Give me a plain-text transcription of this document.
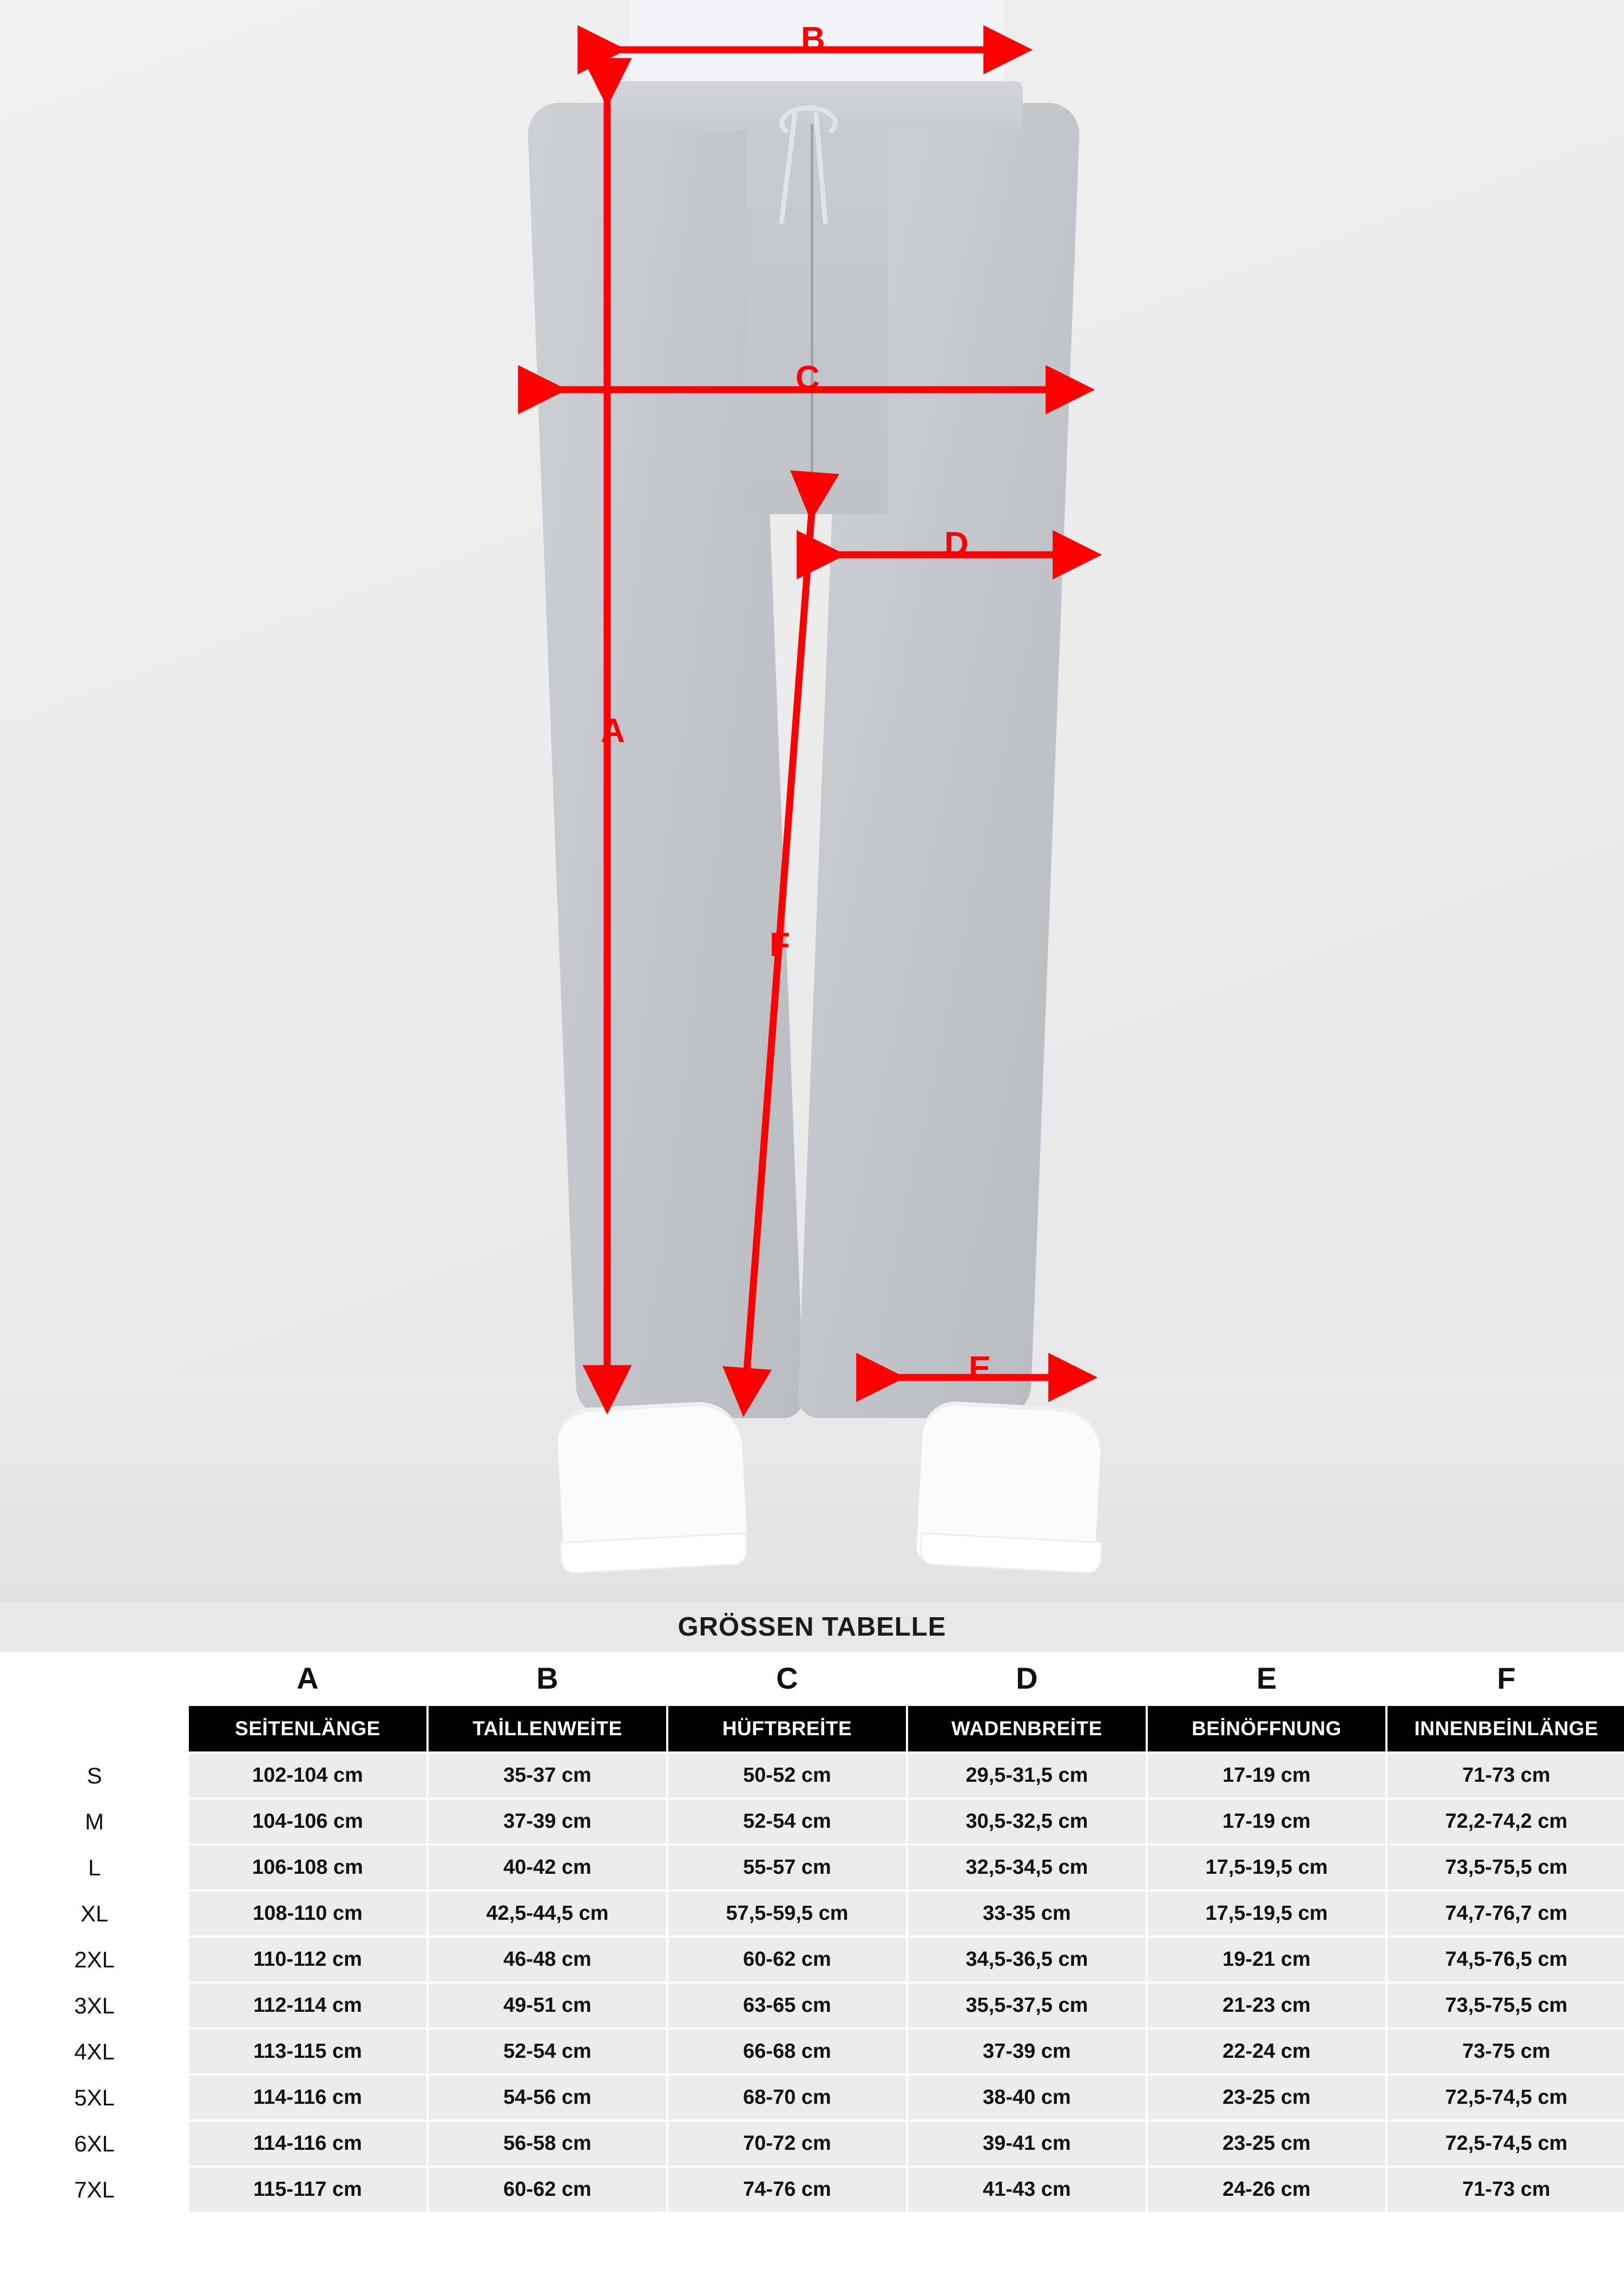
B
A
C
D
E
F
GRÖSSEN TABELLE
	A	B	C	D	E	F
	SEİTENLÄNGE	TAİLLENWEİTE	HÜFTBREİTE	WADENBREİTE	BEİNÖFFNUNG	INNENBEİNLÄNGE
S	102-104 cm	35-37 cm	50-52 cm	29,5-31,5 cm	17-19 cm	71-73 cm
M	104-106 cm	37-39 cm	52-54 cm	30,5-32,5 cm	17-19 cm	72,2-74,2 cm
L	106-108 cm	40-42 cm	55-57 cm	32,5-34,5 cm	17,5-19,5 cm	73,5-75,5 cm
XL	108-110 cm	42,5-44,5 cm	57,5-59,5 cm	33-35 cm	17,5-19,5 cm	74,7-76,7 cm
2XL	110-112 cm	46-48 cm	60-62 cm	34,5-36,5 cm	19-21 cm	74,5-76,5 cm
3XL	112-114 cm	49-51 cm	63-65 cm	35,5-37,5 cm	21-23 cm	73,5-75,5 cm
4XL	113-115 cm	52-54 cm	66-68 cm	37-39 cm	22-24 cm	73-75 cm
5XL	114-116 cm	54-56 cm	68-70 cm	38-40 cm	23-25 cm	72,5-74,5 cm
6XL	114-116 cm	56-58 cm	70-72 cm	39-41 cm	23-25 cm	72,5-74,5 cm
7XL	115-117 cm	60-62 cm	74-76 cm	41-43 cm	24-26 cm	71-73 cm
